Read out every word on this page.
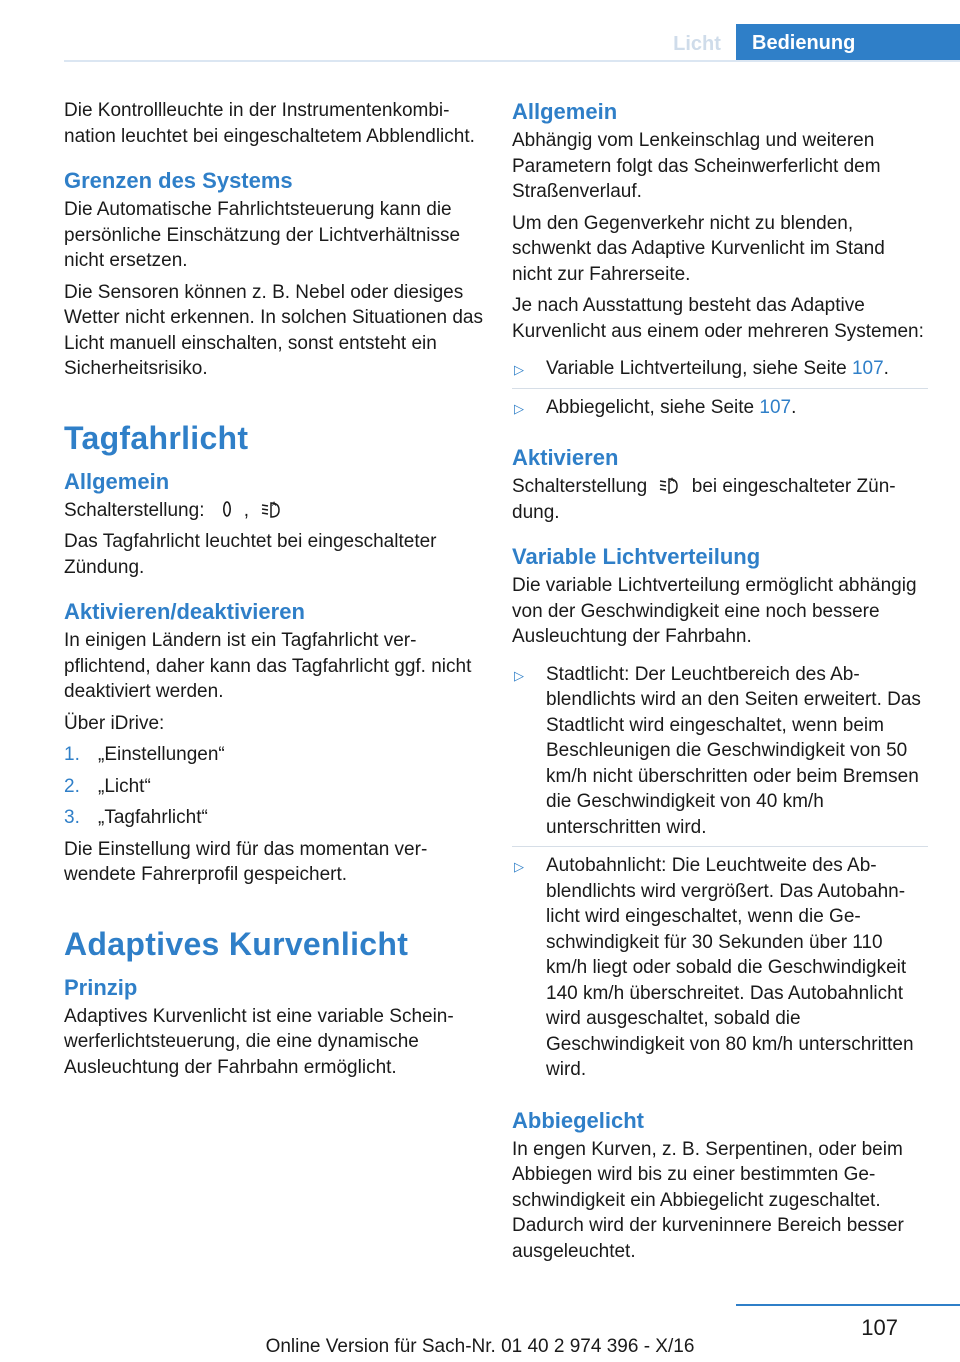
Licht	Bedienung

Die Kontrollleuchte in der Instrumentenkombination leuchtet bei eingeschaltetem Abblendlicht.

Grenzen des Systems

Die Automatische Fahrlichtsteuerung kann die persönliche Einschätzung der Lichtverhältnisse nicht ersetzen.

Die Sensoren können z. B. Nebel oder diesiges Wetter nicht erkennen. In solchen Situationen das Licht manuell einschalten, sonst entsteht ein Sicherheitsrisiko.

Tagfahrlicht
Allgemein

Schalterstellung: ,	A

Das Tagfahrlicht leuchtet bei eingeschalteter Zündung.

Aktivieren/deaktivieren

In einigen Ländern ist ein Tagfahrlicht verpflichtend, daher kann das Tagfahrlicht ggf. nicht deaktiviert werden.

Über iDrive:

1. „Einstellungen“
2. „Licht“
3. „Tagfahrlicht“

Die Einstellung wird für das momentan verwendete Fahrerprofil gespeichert.

Adaptives Kurvenlicht
Prinzip

Adaptives Kurvenlicht ist eine variable Scheinwerferlichtsteuerung, die eine dynamische Ausleuchtung der Fahrbahn ermöglicht.

Allgemein

Abhängig vom Lenkeinschlag und weiteren Parametern folgt das Scheinwerferlicht dem Straßenverlauf.

Um den Gegenverkehr nicht zu blenden, schwenkt das Adaptive Kurvenlicht im Stand nicht zur Fahrerseite.

Je nach Ausstattung besteht das Adaptive Kurvenlicht aus einem oder mehreren Systemen:

▷ Variable Lichtverteilung, siehe Seite 107.
▷ Abbiegelicht, siehe Seite 107.
Aktivieren

Schalterstellung	A bei eingeschalteter Zündung.

Variable Lichtverteilung

Die variable Lichtverteilung ermöglicht abhängig von der Geschwindigkeit eine noch bessere Ausleuchtung der Fahrbahn.

▷ Stadtlicht: Der Leuchtbereich des Abblendlichts wird an den Seiten erweitert. Das Stadtlicht wird eingeschaltet, wenn beim Beschleunigen die Geschwindigkeit von 50 km/h nicht überschritten oder beim Bremsen die Geschwindigkeit von 40 km/h unterschritten wird.
▷ Autobahnlicht: Die Leuchtweite des Abblendlichts wird vergrößert. Das Autobahnlicht wird eingeschaltet, wenn die Geschwindigkeit für 30 Sekunden über 110 km/h liegt oder sobald die Geschwindigkeit 140 km/h überschreitet. Das Autobahnlicht wird ausgeschaltet, sobald die Geschwindigkeit von 80 km/h unterschritten wird.
Abbiegelicht

In engen Kurven, z. B. Serpentinen, oder beim Abbiegen wird bis zu einer bestimmten Geschwindigkeit ein Abbiegelicht zugeschaltet. Dadurch wird der kurveninnere Bereich besser ausgeleuchtet.

107
Online Version für Sach-Nr. 01 40 2 974 396 - X/16
